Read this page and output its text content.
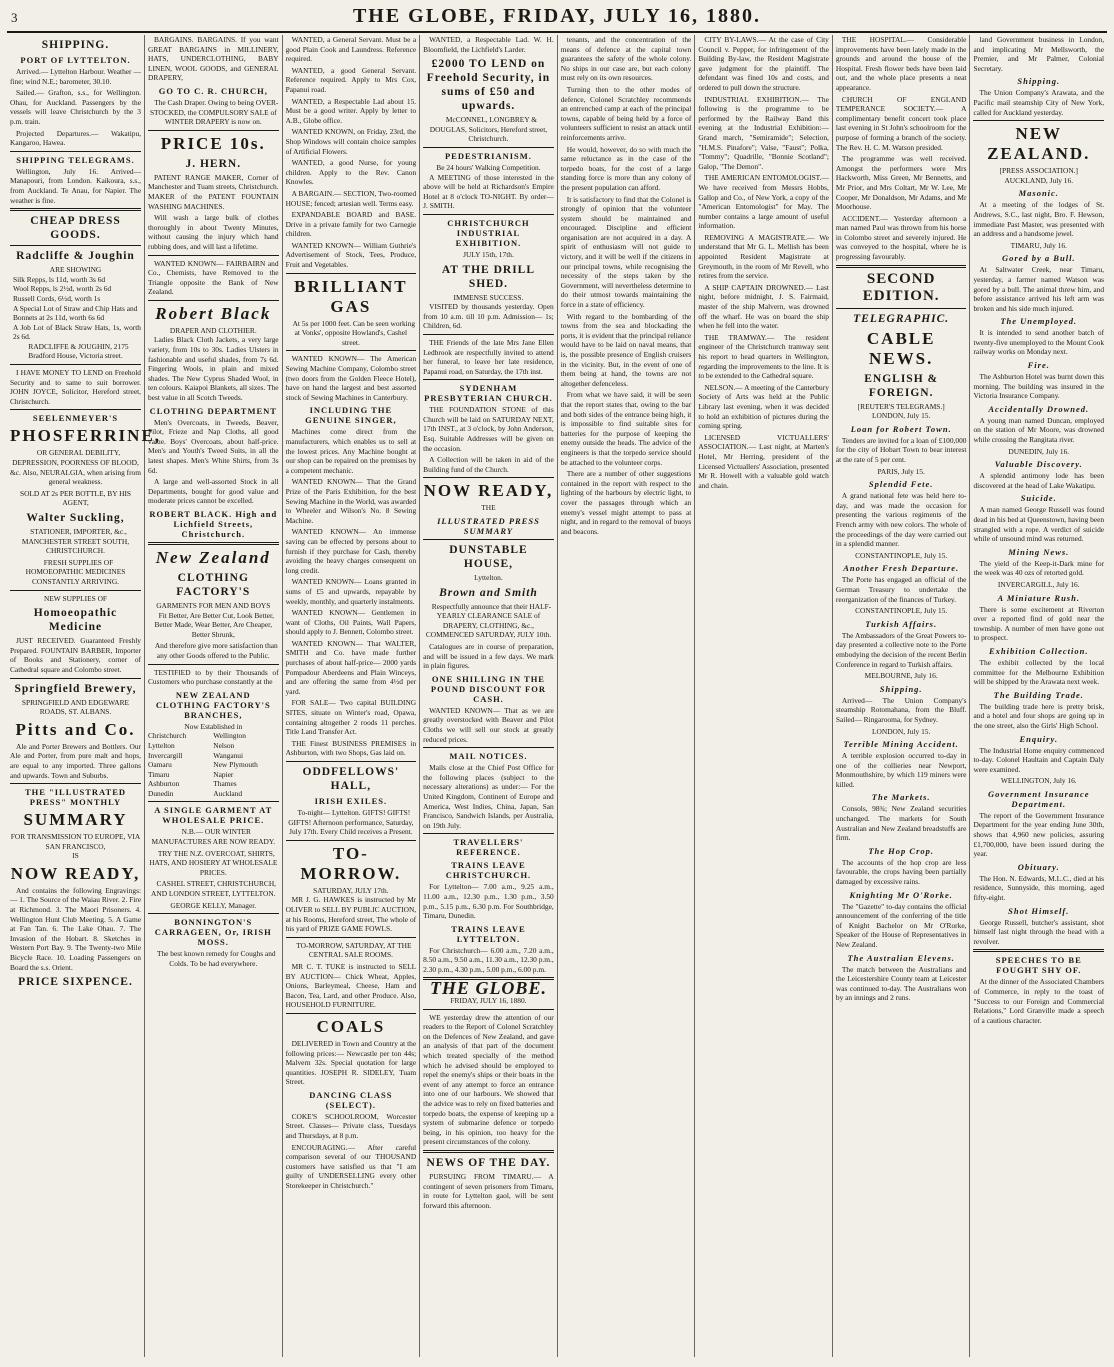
3	THE GLOBE, FRIDAY, JULY 16, 1880.
SHIPPING.
PORT OF LYTTELTON.

Arrived.— Lyttelton Harbour. Weather — fine; wind N.E.; barometer, 30.10.

Sailed.— Grafton, s.s., for Wellington. Ohau, for Auckland. Passengers by the vessels will leave Christchurch by the 3 p.m. train.

Projected Departures.— Wakatipu, Kangaroo, Hawea.

SHIPPING TELEGRAMS.

Wellington, July 16. Arrived— Manapouri, from London. Kaikoura, s.s., from Auckland. Te Anau, for Napier. The weather is fine.

CHEAP DRESS GOODS.
Radcliffe & Joughin
ARE SHOWING
Silk Repps, ls 11d, worth 3s 6d
Wool Repps, ls 2½d, worth 2s 6d
Russell Cords, 6½d, worth 1s
A Special Lot of Straw and Chip Hats and
Bonnets at 2s 11d, worth 6s 6d
A Job Lot of Black Straw Hats, 1s, worth 2s 6d.

RADCLIFFE & JOUGHIN, 2175 Bradford House, Victoria street.

I HAVE MONEY TO LEND on Freehold Security and to same to suit borrower. JOHN JOYCE, Solicitor, Hereford street, Christchurch.

SEELENMEYER'S
PHOSFERRINE,

OR GENERAL DEBILITY, DEPRESSION, POORNESS OF BLOOD, &c. Also, NEURALGIA, when arising from general weakness.

SOLD AT 2s PER BOTTLE, BY HIS AGENT,
Walter Suckling,

STATIONER, IMPORTER, &c., MANCHESTER STREET SOUTH, CHRISTCHURCH.

FRESH SUPPLIES OF HOMOEOPATHIC MEDICINES CONSTANTLY ARRIVING.

NEW SUPPLIES OF
Homoeopathic Medicine

JUST RECEIVED. Guaranteed Freshly Prepared. FOUNTAIN BARBER, Importer of Books and Stationery, corner of Cathedral square and Colombo street.

Springfield Brewery,
SPRINGFIELD AND EDGEWARE ROADS, ST. ALBANS.
Pitts and Co.

Ale and Porter Brewers and Bottlers. Our Ale and Porter, from pure malt and hops, are equal to any imported. Three gallons and upwards. Town and Suburbs.

THE "ILLUSTRATED PRESS" MONTHLY
SUMMARY
FOR TRANSMISSION TO EUROPE, VIA SAN FRANCISCO,
IS
NOW READY,

And contains the following Engravings:— 1. The Source of the Waiau River. 2. Fire at Richmond. 3. The Maori Prisoners. 4. Wellington Hunt Club Meeting. 5. A Game at Fan Tan. 6. The Lake Ohau. 7. The Invasion of the Hobart. 8. Sketches in Western Port Bay. 9. The Twenty-two Mile Bicycle Race. 10. Loading Passengers on Board the s.s. Orient.

PRICE SIXPENCE.

BARGAINS. BARGAINS. If you want GREAT BARGAINS in MILLINERY, HATS, UNDERCLOTHING, BABY LINEN, WOOL GOODS, and GENERAL DRAPERY,

GO TO C. R. CHURCH,

The Cash Draper. Owing to being OVER-STOCKED, the COMPULSORY SALE of WINTER DRAPERY is now on.

PRICE 10s.
J. HERN.

PATENT RANGE MAKER, Corner of Manchester and Tuam streets, Christchurch. MAKER of the PATENT FOUNTAIN WASHING MACHINES.

Will wash a large bulk of clothes thoroughly in about Twenty Minutes, without causing the injury which hand rubbing does, and will last a lifetime.

WANTED KNOWN— FAIRBAIRN and Co., Chemists, have Removed to the Triangle opposite the Bank of New Zealand.

Robert Black
DRAPER AND CLOTHIER.

Ladies Black Cloth Jackets, a very large variety, from 10s to 30s. Ladies Ulsters in fashionable and useful shades, from 7s 6d. Fingering Wools, in plain and mixed shades. The New Cyprus Shaded Wool, in ten colours. Kaiapoi Blankets, all sizes. The best value in all Scotch Tweeds.

CLOTHING DEPARTMENT

Men's Overcoats, in Tweeds, Beaver, Pilot, Frieze and Nap Cloths, all good value. Boys' Overcoats, about half-price. Men's and Youth's Tweed Suits, in all the latest shapes. Men's White Shirts, from 3s 6d.

A large and well-assorted Stock in all Departments, bought for good value and moderate prices cannot be excelled.

ROBERT BLACK. High and Lichfield Streets, Christchurch.
New Zealand
CLOTHING FACTORY'S
GARMENTS FOR MEN AND BOYS

Fit Better, Are Better Cut, Look Better, Better Made, Wear Better, Are Cheaper, Better Shrunk,

And therefore give more satisfaction than any other Goods offered to the Public.

TESTIFIED to by their Thousands of Customers who purchase constantly at the

NEW ZEALAND CLOTHING FACTORY'S BRANCHES,
Now Established in
Christchurch	Wellington
Lyttelton	Nelson
Invercargill	Wanganui
Oamaru	New Plymouth
Timaru	Napier
Ashburton	Thames
Dunedin	Auckland
A SINGLE GARMENT AT WHOLESALE PRICE.

N.B.— OUR WINTER MANUFACTURES ARE NOW READY.

TRY THE N.Z. OVERCOAT, SHIRTS, HATS, AND HOSIERY AT WHOLESALE PRICES.

CASHEL STREET, CHRISTCHURCH, AND LONDON STREET, LYTTELTON.

GEORGE KELLY, Manager.
BONNINGTON'S CARRAGEEN, Or, IRISH MOSS.

The best known remedy for Coughs and Colds. To be had everywhere.

WANTED, a General Servant. Must be a good Plain Cook and Laundress. Reference required.

WANTED, a good General Servant. Reference required. Apply to Mrs Cox, Papanui road.

WANTED, a Respectable Lad about 15. Must be a good writer. Apply by letter to A.B., Globe office.

WANTED KNOWN, on Friday, 23rd, the Shop Windows will contain choice samples of Artificial Flowers.

WANTED, a good Nurse, for young children. Apply to the Rev. Canon Knowles.

A BARGAIN.— SECTION, Two-roomed HOUSE; fenced; artesian well. Terms easy.

EXPANDABLE BOARD and BASE. Drive in a private family for two Carnegie children.

WANTED KNOWN— William Guthrie's Advertisement of Stock, Tees, Produce, Fruit and Vegetables.

BRILLIANT GAS

At 5s per 1000 feet. Can be seen working at Vonks', opposite Howland's, Cashel street.

WANTED KNOWN— The American Sewing Machine Company, Colombo street (two doors from the Golden Fleece Hotel), have on hand the largest and best assorted stock of Sewing Machines in Canterbury.

INCLUDING THE GENUINE SINGER,

Machines come direct from the manufacturers, which enables us to sell at the lowest prices. Any Machine bought at our shop can be repaired on the premises by a competent mechanic.

WANTED KNOWN— That the Grand Prize of the Paris Exhibition, for the best Sewing Machine in the World, was awarded to Wheeler and Wilson's No. 8 Sewing Machine.

WANTED KNOWN— An immense saving can be effected by persons about to furnish if they purchase for Cash, thereby avoiding the heavy charges consequent on long credit.

WANTED KNOWN— Loans granted in sums of £5 and upwards, repayable by weekly, monthly, and quarterly instalments.

WANTED KNOWN— Gentlemen in want of Cloths, Oil Paints, Wall Papers, should apply to J. Bennett, Colombo street.

WANTED KNOWN— That WALTER, SMITH and Co. have made further purchases of about half-price— 2000 yards Pompadour Aberdeens and Plain Winceys, and are offering the same from 4½d per yard.

FOR SALE— Two capital BUILDING SITES, situate on Winter's road, Opawa, containing altogether 2 roods 11 perches. Title Land Transfer Act.

THE Finest BUSINESS PREMISES in Ashburton, with two Shops, Gas laid on.

ODDFELLOWS' HALL,
IRISH EXILES.

To-night— Lyttelton. GIFTS! GIFTS! GIFTS! Afternoon performance, Saturday, July 17th. Every Child receives a Present.

TO-MORROW.
SATURDAY, JULY 17th.

MR J. G. HAWKES is instructed by Mr OLIVER to SELL BY PUBLIC AUCTION, at his Rooms, Hereford street, The whole of his yard of PRIZE GAME FOWLS.

TO-MORROW, SATURDAY, AT THE CENTRAL SALE ROOMS.

MR C. T. TUKE is instructed to SELL BY AUCTION— Chick Wheat, Apples, Onions, Barleymeal, Cheese, Ham and Bacon, Tea, Lard, and other Produce. Also, HOUSEHOLD FURNITURE.

COALS

DELIVERED in Town and Country at the following prices:— Newcastle per ton 44s; Malvern 32s. Special quotation for large quantities. JOSEPH R. SIDELEY, Tuam Street.

DANCING CLASS (SELECT).

COKE'S SCHOOLROOM, Worcester Street. Classes— Private class, Tuesdays and Thursdays, at 8 p.m.

ENCOURAGING.— After careful comparison several of our THOUSAND customers have satisfied us that "I am guilty of UNDERSELLING every other Storekeeper in Christchurch."

WANTED, a Respectable Lad. W. H. Bloomfield, the Lichfield's Larder.

£2000 TO LEND on Freehold Security, in sums of £50 and upwards.

McCONNEL, LONGBREY & DOUGLAS, Solicitors, Hereford street, Christchurch.

PEDESTRIANISM.
Be 24 hours' Walking Competition.

A MEETING of those interested in the above will be held at Richardson's Empire Hotel at 8 o'clock TO-NIGHT. By order— J. SMITH.

CHRISTCHURCH INDUSTRIAL EXHIBITION.
JULY 15th, 17th.
AT THE DRILL SHED.
IMMENSE SUCCESS.

VISITED by thousands yesterday. Open from 10 a.m. till 10 p.m. Admission— 1s; Children, 6d.

THE Friends of the late Mrs Jane Ellen Ledbrook are respectfully invited to attend her funeral, to leave her late residence, Papanui road, on Saturday, the 17th inst.

SYDENHAM PRESBYTERIAN CHURCH.

THE FOUNDATION STONE of this Church will be laid on SATURDAY NEXT, 17th INST., at 3 o'clock, by John Anderson, Esq. Suitable Addresses will be given on the occasion.

A Collection will be taken in aid of the Building fund of the Church.

NOW READY,
THE
ILLUSTRATED PRESS SUMMARY
DUNSTABLE HOUSE,
Lyttelton.
Brown and Smith

Respectfully announce that their HALF-YEARLY CLEARANCE SALE of DRAPERY, CLOTHING, &c., COMMENCED SATURDAY, JULY 10th.

Catalogues are in course of preparation, and will be issued in a few days. We mark in plain figures.

ONE SHILLING IN THE POUND DISCOUNT FOR CASH.

WANTED KNOWN— That as we are greatly overstocked with Beaver and Pilot Cloths we will sell our stock at greatly reduced prices.

MAIL NOTICES.

Mails close at the Chief Post Office for the following places (subject to the necessary alterations) as under:— For the United Kingdom, Continent of Europe and America, West Indies, China, Japan, San Francisco, Sandwich Islands, per Australia, on 19th July.

TRAVELLERS' REFERENCE.
TRAINS LEAVE CHRISTCHURCH.

For Lyttelton— 7.00 a.m., 9.25 a.m., 11.00 a.m., 12.30 p.m., 1.30 p.m., 3.50 p.m., 5.15 p.m., 6.30 p.m. For Southbridge, Timaru, Dunedin.

TRAINS LEAVE LYTTELTON.

For Christchurch— 6.00 a.m., 7.20 a.m., 8.50 a.m., 9.50 a.m., 11.30 a.m., 12.30 p.m., 2.30 p.m., 4.30 p.m., 5.00 p.m., 6.00 p.m.

THE GLOBE.
FRIDAY, JULY 16, 1880.

WE yesterday drew the attention of our readers to the Report of Colonel Scratchley on the Defences of New Zealand, and gave an analysis of that part of the document which treated specially of the method which he advised should be employed to repel the enemy's ships or their boats in the event of any attempt to force an entrance into one of our harbours. We showed that the advice was to rely on fixed batteries and torpedo boats, the expense of keeping up a system of submarine defence or torpedo being, in his opinion, too heavy for the present circumstances of the colony.

NEWS OF THE DAY.

PURSUING FROM TIMARU.— A contingent of seven prisoners from Timaru, in route for Lyttelton gaol, will be sent forward this afternoon.

tenants, and the concentration of the means of defence at the capital town guarantees the safety of the whole colony. No ships in our case are, but each colony must rely on its own resources.

Turning then to the other modes of defence, Colonel Scratchley recommends an entrenched camp at each of the principal towns, capable of being held by a force of volunteers sufficient to resist an attack until reinforcements arrive.

He would, however, do so with much the same reluctance as in the case of the torpedo boats, for the cost of a large standing force is more than any colony of the present population can afford.

It is satisfactory to find that the Colonel is strongly of opinion that the volunteer system should be maintained and encouraged. Discipline and efficient organisation are not acquired in a day. A spirit of enthusiasm will not guide to victory, and it will be well if the citizens in our principal towns, while recognising the necessity of the steps taken by the Government, will nevertheless determine to do their utmost towards maintaining the force in a state of efficiency.

With regard to the bombarding of the towns from the sea and blockading the ports, it is evident that the principal reliance would have to be laid on naval means, that is, the possible presence of English cruisers in the vicinity. But, in the event of one of them being at hand, the towns are not altogether defenceless.

From what we have said, it will be seen that the report states that, owing to the bar and both sides of the entrance being high, it is impossible to find suitable sites for batteries for the purpose of keeping the enemy outside the heads. The advice of the engineers is that the torpedo service should be attached to the volunteer corps.

There are a number of other suggestions contained in the report with respect to the lighting of the harbours by electric light, to cover the passages through which an enemy's vessel might attempt to pass at night, and in regard to the removal of buoys and beacons.

CITY BY-LAWS.— At the case of City Council v. Pepper, for infringement of the Building By-law, the Resident Magistrate gave judgment for the plaintiff. The defendant was fined 10s and costs, and ordered to pull down the structure.

INDUSTRIAL EXHIBITION.— The following is the programme to be performed by the Railway Band this evening at the Industrial Exhibition:— Grand march, "Semiramide"; Selection, "H.M.S. Pinafore"; Valse, "Faust"; Polka, "Tommy"; Quadrille, "Bonnie Scotland"; Galop, "The Demon".

THE AMERICAN ENTOMOLOGIST.— We have received from Messrs Hobbs, Gallop and Co., of New York, a copy of the "American Entomologist" for May. The number contains a large amount of useful information.

REMOVING A MAGISTRATE.— We understand that Mr G. L. Mellish has been appointed Resident Magistrate at Greymouth, in the room of Mr Revell, who retires from the service.

A SHIP CAPTAIN DROWNED.— Last night, before midnight, J. S. Fairmaid, master of the ship Malvern, was drowned off the wharf. He was on board the ship when he fell into the water.

THE TRAMWAY.— The resident engineer of the Christchurch tramway sent his report to head quarters in Wellington, regarding the improvements to the line. It is to be extended to the Cathedral square.

NELSON.— A meeting of the Canterbury Society of Arts was held at the Public Library last evening, when it was decided to hold an exhibition of pictures during the coming spring.

LICENSED VICTUALLERS' ASSOCIATION.— Last night, at Marten's Hotel, Mr Herring, president of the Licensed Victuallers' Association, presented Mr R. Howell with a valuable gold watch and chain.

THE HOSPITAL.— Considerable improvements have been lately made in the grounds and around the house of the Hospital. Fresh flower beds have been laid out, and the whole place presents a neat appearance.

CHURCH OF ENGLAND TEMPERANCE SOCIETY.— A complimentary benefit concert took place last evening in St John's schoolroom for the purpose of forming a branch of the society. The Rev. H. C. M. Watson presided.

The programme was well received. Amongst the performers were Mrs Hackworth, Miss Green, Mr Bennetts, and Mr Prior, and Mrs Coltart, Mr W. Lee, Mr Cooper, Mr Donaldson, Mr Adams, and Mr Moorhouse.

ACCIDENT.— Yesterday afternoon a man named Paul was thrown from his horse in Colombo street and severely injured. He was conveyed to the hospital, where he is progressing favourably.

SECOND EDITION.
TELEGRAPHIC.
CABLE NEWS.
ENGLISH & FOREIGN.
[REUTER'S TELEGRAMS.]
LONDON, July 15.
Loan for Robert Town.

Tenders are invited for a loan of £100,000 for the city of Hobart Town to bear interest at the rate of 5 per cent.

PARIS, July 15.
Splendid Fete.

A grand national fete was held here to-day, and was made the occasion for presenting the various regiments of the French army with new colors. The whole of the proceedings of the day were carried out in a splendid manner.

CONSTANTINOPLE, July 15.
Another Fresh Departure.

The Porte has engaged an official of the German Treasury to undertake the reorganization of the finances of Turkey.

CONSTANTINOPLE, July 15.
Turkish Affairs.

The Ambassadors of the Great Powers to-day presented a collective note to the Porte embodying the decision of the recent Berlin Conference in regard to Turkish affairs.

MELBOURNE, July 16.
Shipping.

Arrived— The Union Company's steamship Rotomahana, from the Bluff. Sailed— Ringarooma, for Sydney.

LONDON, July 15.
Terrible Mining Accident.

A terrible explosion occurred to-day in one of the collieries near Newport, Monmouthshire, by which 119 miners were killed.

The Markets.

Consols, 98¾; New Zealand securities unchanged. The markets for South Australian and New Zealand breadstuffs are firm.

The Hop Crop.

The accounts of the hop crop are less favourable, the crops having been partially damaged by excessive rains.

Knighting Mr O'Rorke.

The "Gazette" to-day contains the official announcement of the conferring of the title of Knight Bachelor on Mr O'Rorke, Speaker of the House of Representatives in New Zealand.

The Australian Elevens.

The match between the Australians and the Leicestershire County team at Leicester was continued to-day. The Australians won by an innings and 2 runs.

land Government business in London, and implicating Mr Mellsworth, the Premier, and Mr Palmer, Colonial Secretary.

Shipping.

The Union Company's Arawata, and the Pacific mail steamship City of New York, called for Auckland yesterday.

NEW ZEALAND.
[PRESS ASSOCIATION.]
AUCKLAND, July 16.
Masonic.

At a meeting of the lodges of St. Andrews, S.C., last night, Bro. F. Hewson, immediate Past Master, was presented with an address and a handsome jewel.

TIMARU, July 16.
Gored by a Bull.

At Saltwater Creek, near Timaru, yesterday, a farmer named Watson was gored by a bull. The animal threw him, and before assistance arrived his left arm was broken and his side much injured.

The Unemployed.

It is intended to send another batch of twenty-five unemployed to the Mount Cook railway works on Monday next.

Fire.

The Ashburton Hotel was burnt down this morning. The building was insured in the Victoria Insurance Company.

Accidentally Drowned.

A young man named Duncan, employed on the station of Mr Moore, was drowned while crossing the Rangitata river.

DUNEDIN, July 16.
Valuable Discovery.

A splendid antimony lode has been discovered at the head of Lake Wakatipu.

Suicide.

A man named George Russell was found dead in his bed at Queenstown, having been strangled with a rope. A verdict of suicide while of unsound mind was returned.

Mining News.

The yield of the Keep-it-Dark mine for the week was 40 ozs of retorted gold.

INVERCARGILL, July 16.
A Miniature Rush.

There is some excitement at Riverton over a reported find of gold near the township. A number of men have gone out to prospect.

Exhibition Collection.

The exhibit collected by the local committee for the Melbourne Exhibition will be shipped by the Arawata next week.

The Building Trade.

The building trade here is pretty brisk, and a hotel and four shops are going up in the one street, also the Girls' High School.

Enquiry.

The Industrial Home enquiry commenced to-day. Colonel Haultain and Captain Daly were examined.

WELLINGTON, July 16.
Government Insurance Department.

The report of the Government Insurance Department for the year ending June 30th, shows that 4,960 new policies, assuring £1,700,000, have been issued during the year.

Obituary.

The Hon. N. Edwards, M.L.C., died at his residence, Sunnyside, this morning, aged fifty-eight.

Shot Himself.

George Russell, butcher's assistant, shot himself last night through the head with a revolver.

SPEECHES TO BE FOUGHT SHY OF.

At the dinner of the Associated Chambers of Commerce, in reply to the toast of "Success to our Foreign and Commercial Relations," Lord Granville made a speech of a cautious character.
